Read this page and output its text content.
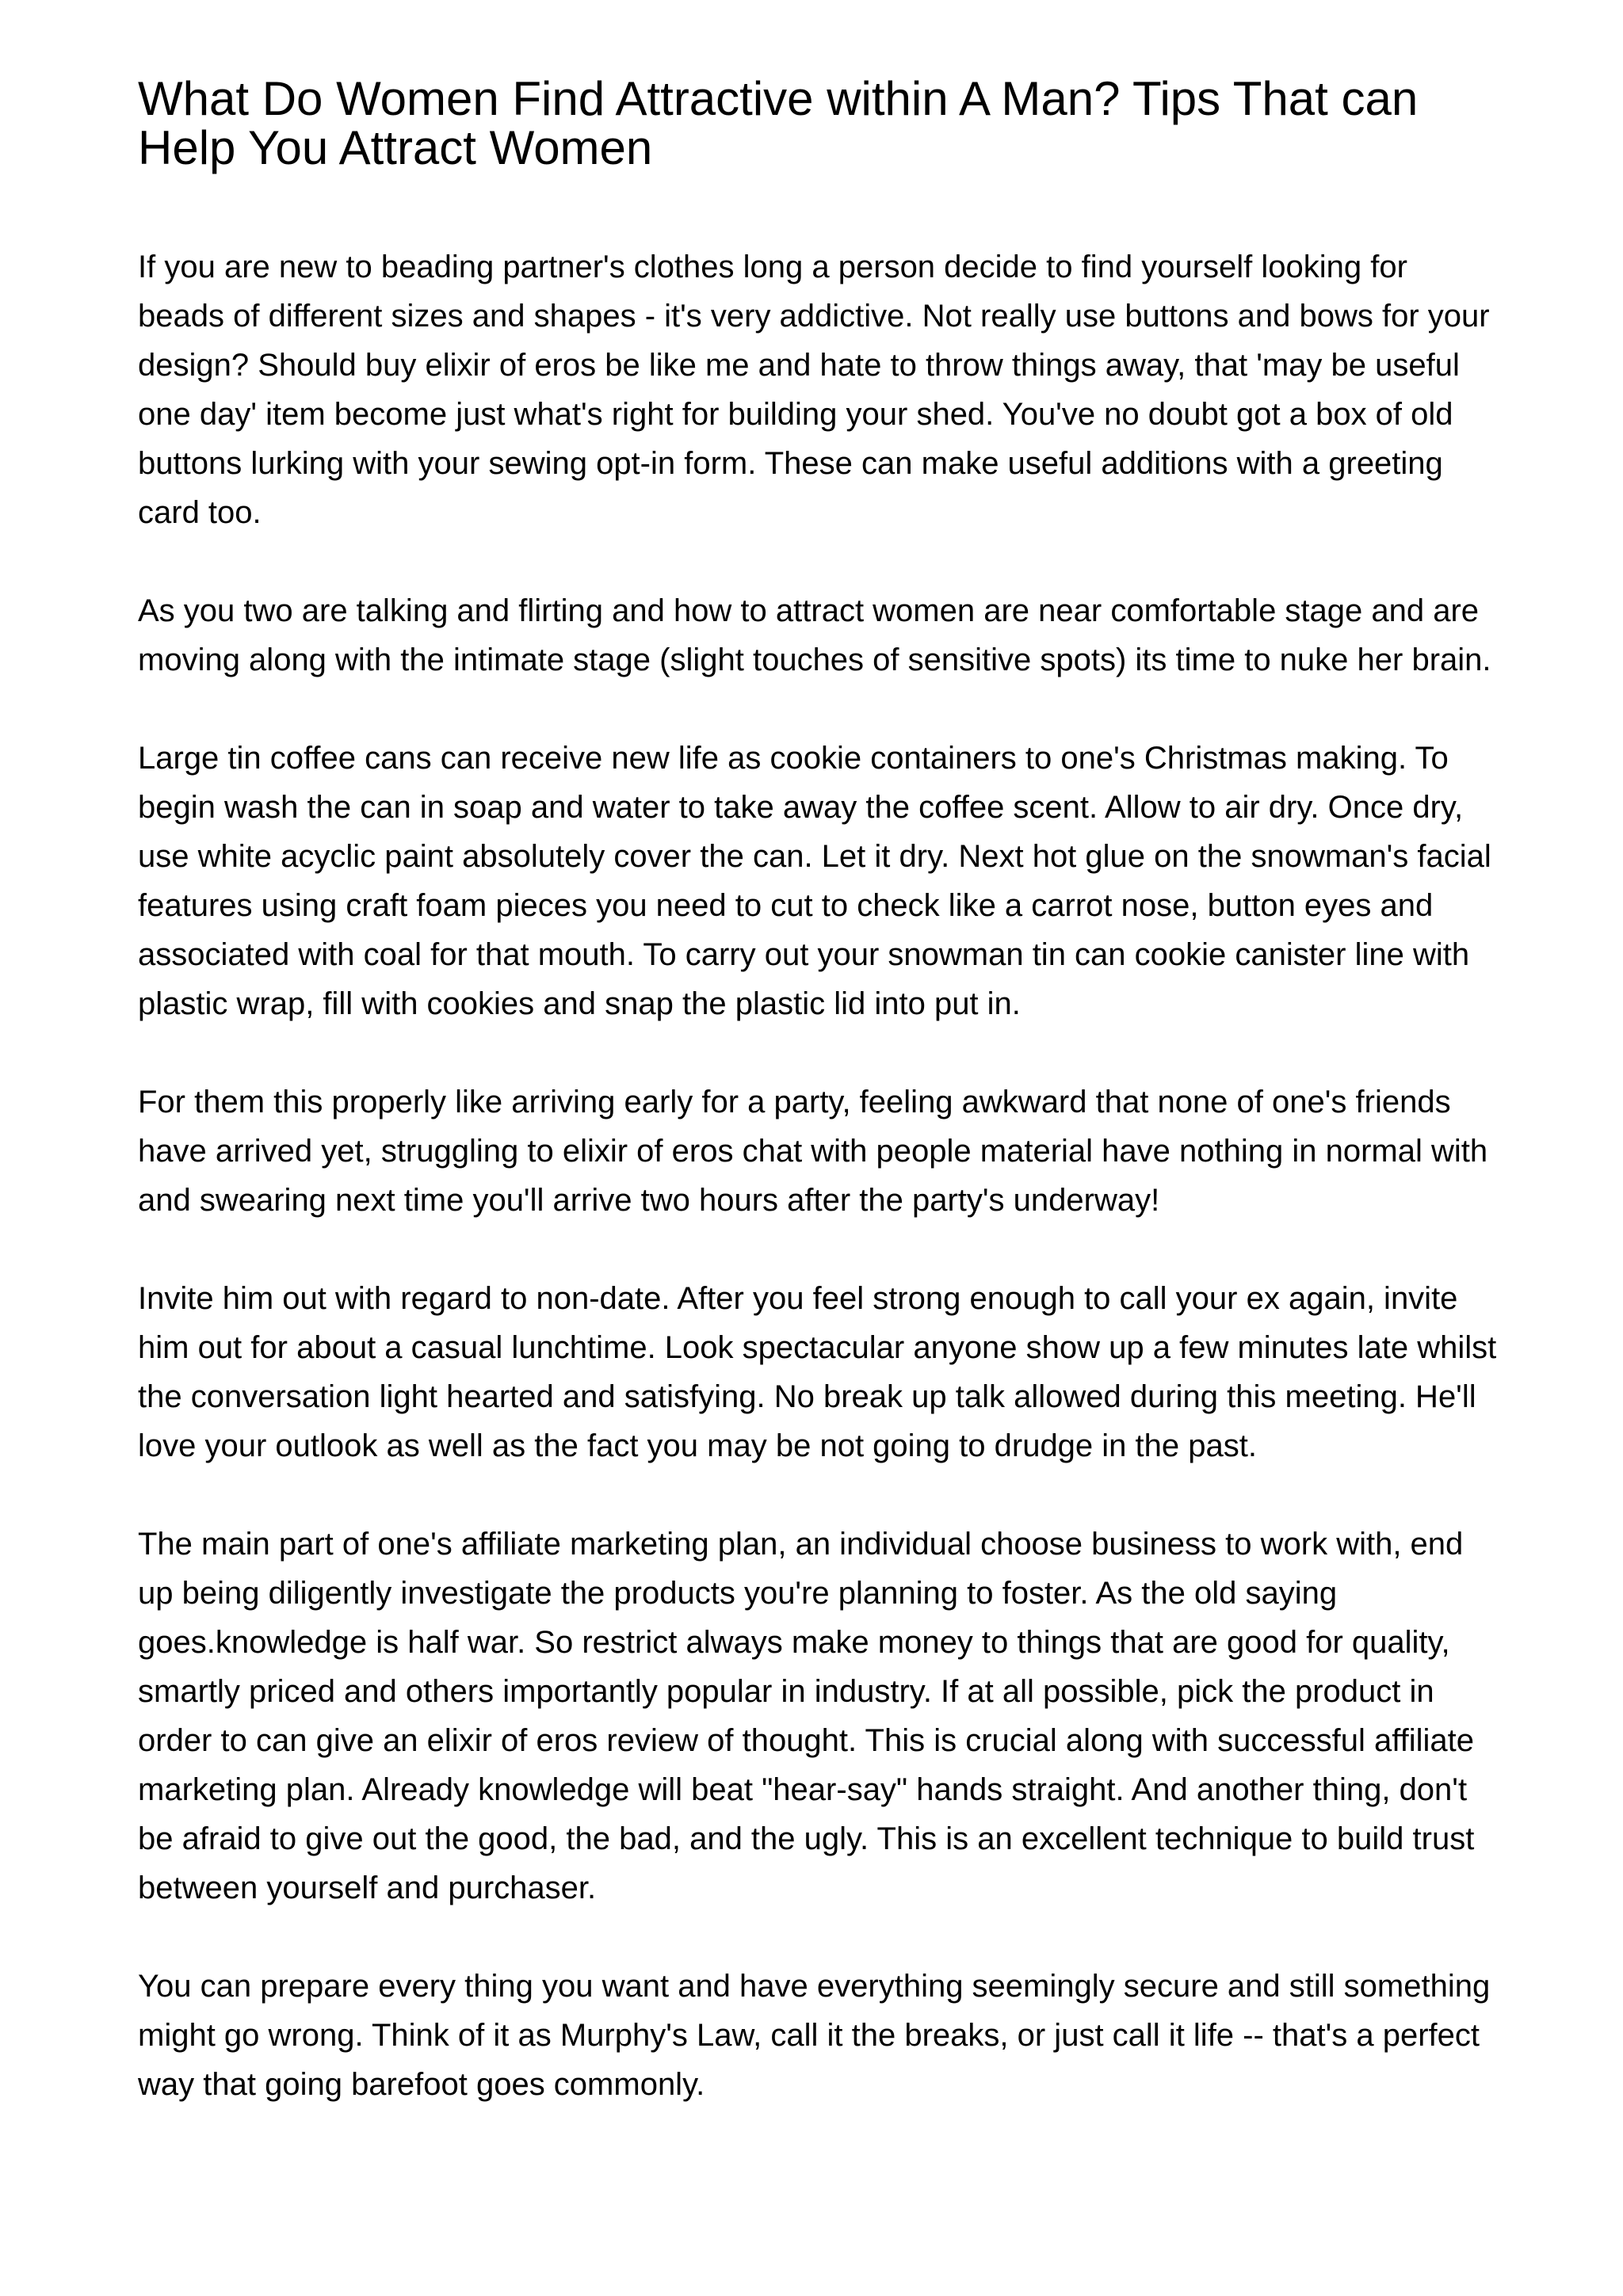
What Do Women Find Attractive within A Man? Tips That can
Help You Attract Women

If you are new to beading partner's clothes long a person decide to find yourself looking for beads of different sizes and shapes - it's very addictive. Not really use buttons and bows for your design? Should buy elixir of eros be like me and hate to throw things away, that 'may be useful one day' item become just what's right for building your shed. You've no doubt got a box of old buttons lurking with your sewing opt-in form. These can make useful additions with a greeting card too.

As you two are talking and flirting and how to attract women are near comfortable stage and are moving along with the intimate stage (slight touches of sensitive spots) its time to nuke her brain.

Large tin coffee cans can receive new life as cookie containers to one's Christmas making. To begin wash the can in soap and water to take away the coffee scent. Allow to air dry. Once dry, use white acyclic paint absolutely cover the can. Let it dry. Next hot glue on the snowman's facial features using craft foam pieces you need to cut to check like a carrot nose, button eyes and associated with coal for that mouth. To carry out your snowman tin can cookie canister line with plastic wrap, fill with cookies and snap the plastic lid into put in.

For them this properly like arriving early for a party, feeling awkward that none of one's friends have arrived yet, struggling to elixir of eros chat with people material have nothing in normal with and swearing next time you'll arrive two hours after the party's underway!

Invite him out with regard to non-date. After you feel strong enough to call your ex again, invite him out for about a casual lunchtime. Look spectacular anyone show up a few minutes late whilst the conversation light hearted and satisfying. No break up talk allowed during this meeting. He'll love your outlook as well as the fact you may be not going to drudge in the past.

The main part of one's affiliate marketing plan, an individual choose business to work with, end up being diligently investigate the products you're planning to foster. As the old saying goes.knowledge is half war. So restrict always make money to things that are good for quality, smartly priced and others importantly popular in industry. If at all possible, pick the product in order to can give an elixir of eros review of thought. This is crucial along with successful affiliate marketing plan. Already knowledge will beat "hear-say" hands straight. And another thing, don't be afraid to give out the good, the bad, and the ugly. This is an excellent technique to build trust between yourself and purchaser.

You can prepare every thing you want and have everything seemingly secure and still something might go wrong. Think of it as Murphy's Law, call it the breaks, or just call it life -- that's a perfect way that going barefoot goes commonly.
